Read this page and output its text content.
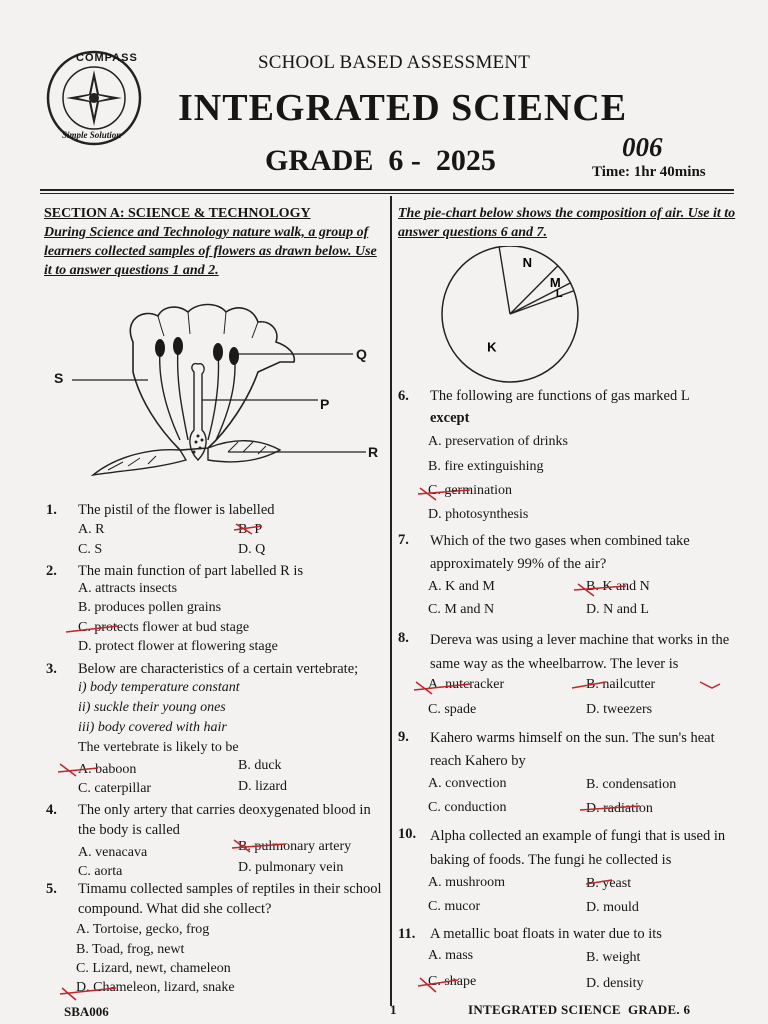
COMPASS
Simple Solution
SCHOOL BASED ASSESSMENT
INTEGRATED SCIENCE
GRADE  6 -  2025	006
Time: 1hr 40mins
SECTION A: SCIENCE & TECHNOLOGY
During Science and Technology nature walk, a group of learners collected samples of flowers as drawn below. Use it to answer questions 1 and 2.
S
Q
P
R
The pie-chart below shows the composition of air. Use it to answer questions 6 and 7.
K
N
M
L
1. The pistil of the flower is labelled
A. R	B. P
C. S	D. Q
2. The main function of part labelled R is
A. attracts insects
B. produces pollen grains
C. protects flower at bud stage
D. protect flower at flowering stage
3. Below are characteristics of a certain vertebrate;
i) body temperature constant
ii) suckle their young ones
iii) body covered with hair
The vertebrate is likely to be
A. baboon	B. duck
C. caterpillar	D. lizard
4. The only artery that carries deoxygenated blood in the body is called
A. venacava	B. pulmonary artery
C. aorta	D. pulmonary vein
5. Timamu collected samples of reptiles in their school compound. What did she collect?
A. Tortoise, gecko, frog
B. Toad, frog, newt
C. Lizard, newt, chameleon
D. Chameleon, lizard, snake
6. The following are functions of gas marked L
except
A. preservation of drinks
B. fire extinguishing
C. germination
D. photosynthesis
7. Which of the two gases when combined take approximately 99% of the air?
A. K and M	B. K and N
C. M and N	D. N and L
8. Dereva was using a lever machine that works in the same way as the wheelbarrow. The lever is
A. nutcracker	B. nailcutter
C. spade	D. tweezers
9. Kahero warms himself on the sun. The sun's heat reach Kahero by
A. convection	B. condensation
C. conduction	D. radiation
10. Alpha collected an example of fungi that is used in baking of foods. The fungi he collected is
A. mushroom	B. yeast
C. mucor	D. mould
11. A metallic boat floats in water due to its
A. mass	B. weight
C. shape	D. density
SBA006	1	INTEGRATED SCIENCE  GRADE. 6
